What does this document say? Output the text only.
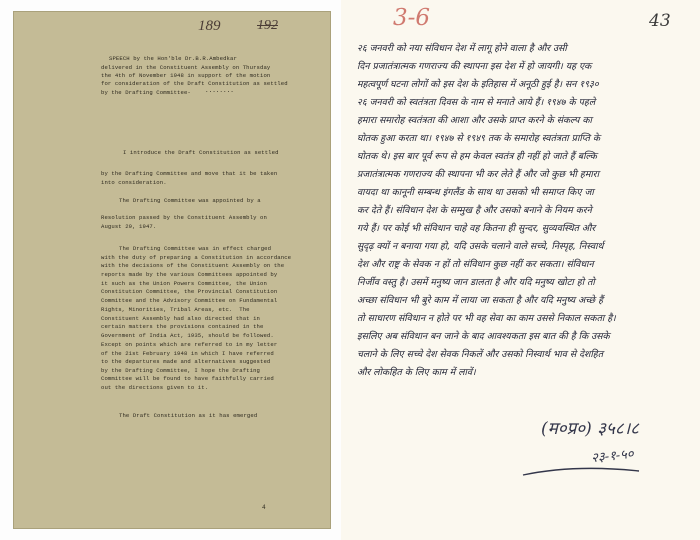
189	192
SPEECH by the Hon'ble Dr.B.R.Ambedkar
delivered in the Constituent Assembly on Thursday
the 4th of November 1948 in support of the motion
for consideration of the Draft Constitution as settled
by the Drafting Committee-
I introduce the Draft Constitution as settled
by the Drafting Committee and move that it be taken
into consideration.
The Drafting Committee was appointed by a
Resolution passed by the Constituent Assembly on
August 29, 1947.
The Drafting Committee was in effect charged
with the duty of preparing a Constitution in accordance
with the decisions of the Constituent Assembly on the
reports made by the various Committees appointed by
it such as the Union Powers Committee, the Union
Constitution Committee, the Provincial Constitution
Committee and the Advisory Committee on Fundamental
Rights, Minorities, Tribal Areas, etc.  The
Constituent Assembly had also directed that in
certain matters the provisions contained in the
Government of India Act, 1935, should be followed.
Except on points which are referred to in my letter
of the 21st February 1948 in which I have referred
to the departures made and alternatives suggested
by the Drafting Committee, I hope the Drafting
Committee will be found to have faithfully carried
out the directions given to it.
The Draft Constitution as it has emerged
........
4
3-6	43
२६ जनवरी को नया संविधान देश में लागू होने वाला है और उसी
दिन प्रजातंत्रात्मक गणराज्य की स्थापना इस देश में हो जायगी। यह एक
महत्वपूर्ण घटना लोगों को इस देश के इतिहास में अनूठी हुई है। सन १९३०
२६ जनवरी को स्वतंत्रता दिवस के नाम से मनाते आये हैं। १९४७ के पहले
हमारा समारोह स्वतंत्रता की आशा और उसके प्राप्त करने के संकल्प का
घोतक हुआ करता था। १९४७ से १९४९ तक के समारोह स्वतंत्रता प्राप्ति के
घोतक थे। इस बार पूर्व रूप से हम केवल स्वतंत्र ही नहीं हो जाते हैं बल्कि
प्रजातंत्रात्मक गणराज्य की स्थापना भी कर लेते हैं और जो कुछ भी हमारा
वायदा था कानूनी सम्बन्ध इंगलैंड के साथ था उसको भी समाप्त किए जा
कर देते हैं। संविधान देश के सम्मुख है और उसको बनाने के नियम करने
गये हैं। पर कोई भी संविधान चाहे वह कितना ही सुन्दर, सुव्यवस्थित और
सुदृढ़ क्यों न बनाया गया हो, यदि उसके चलाने वाले सच्चे, निस्पृह, निस्वार्थ
देश और राष्ट्र के सेवक न हों तो संविधान कुछ नहीं कर सकता। संविधान
निर्जीव वस्तु है। उसमें मनुष्य जान डालता है और यदि मनुष्य खोटा हो तो
अच्छा संविधान भी बुरे काम में लाया जा सकता है और यदि मनुष्य अच्छे हैं
तो साधारण संविधान न होते पर भी वह सेवा का काम उससे निकाल सकता है।
इसलिए अब संविधान बन जाने के बाद आवश्यकता इस बात की है कि उसके
चलाने के लिए सच्चे देश सेवक निकलें और उसको निस्वार्थ भाव से देशहित
और लोकहित के लिए काम में लावें।
(म०प्र०) ३५८।८
२३-१-५०
